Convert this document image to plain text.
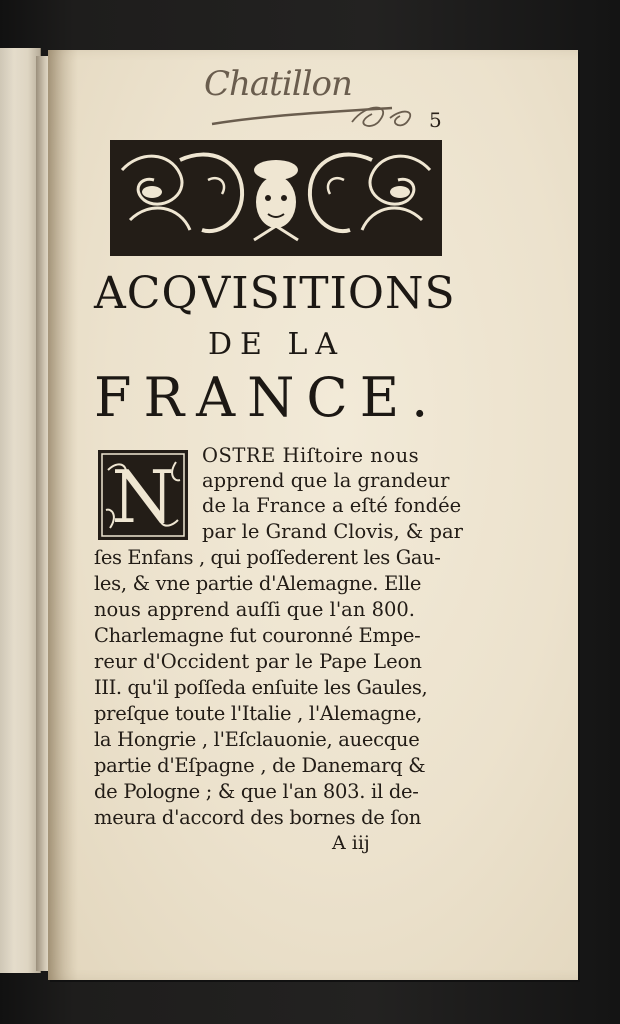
Chatillon
5
ACQVISITIONS
DE LA
FRANCE.
N OSTRE Hiſtoire nous
apprend que la grandeur
de la France a eſté fondée
par le Grand Clovis, & par
ſes Enfans , qui poſſederent les Gau-
les, & vne partie d'Alemagne. Elle
nous apprend auſſi que l'an 800.
Charlemagne fut couronné Empe-
reur d'Occident par le Pape Leon
III. qu'il poſſeda enſuite les Gaules,
preſque toute l'Italie , l'Alemagne,
la Hongrie , l'Eſclauonie, auecque
partie d'Eſpagne , de Danemarq &
de Pologne ; & que l'an 803. il de-
meura d'accord des bornes de ſon
A iij
